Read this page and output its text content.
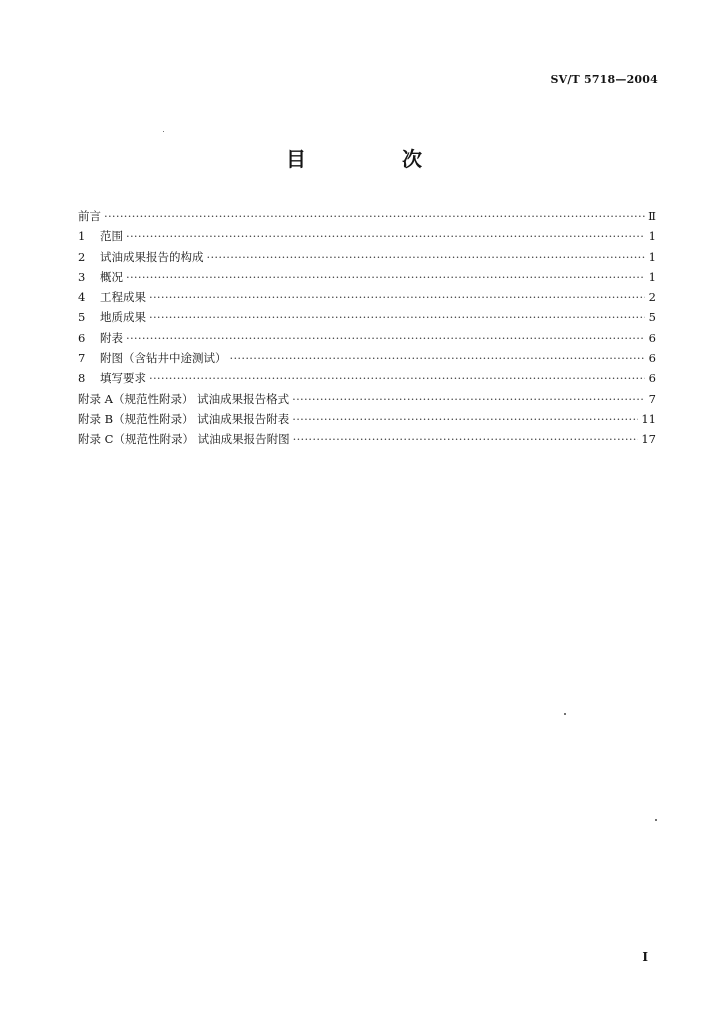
SV/T 5718—2004
目　次
前言 ·····	Ⅱ
1	范围 ·····	1
2	试油成果报告的构成 ·····	1
3	概况 ·····	1
4	工程成果 ·····	2
5	地质成果 ·····	5
6	附表 ·····	6
7	附图（含钻井中途测试） ·····	6
8	填写要求 ·····	6
附录 A（规范性附录） 试油成果报告格式 ·····	7
附录 B（规范性附录） 试油成果报告附表 ·····	11
附录 C（规范性附录） 试油成果报告附图 ·····	17
I
